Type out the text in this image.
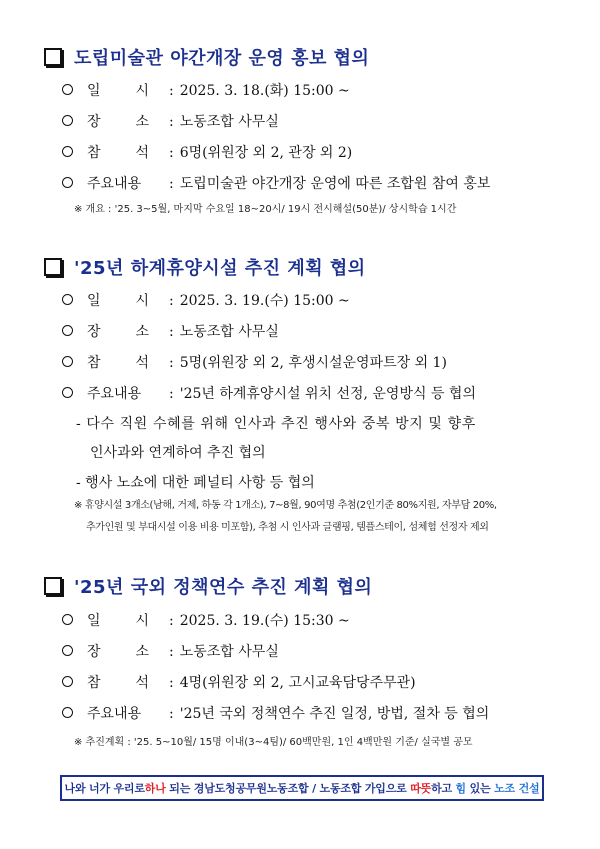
도립미술관 야간개장 운영 홍보 협의
일 시 : 2025. 3. 18.(화) 15:00 ~
장 소 : 노동조합 사무실
참 석 : 6명(위원장 외 2, 관장 외 2)
주요내용	: 도립미술관 야간개장 운영에 따른 조합원 참여 홍보
※ 개요 : '25. 3~5월, 마지막 수요일 18~20시/ 19시 전시해설(50분)/ 상시학습 1시간
'25년 하계휴양시설 추진 계획 협의
일 시 : 2025. 3. 19.(수) 15:00 ~
장 소 : 노동조합 사무실
참 석 : 5명(위원장 외 2, 후생시설운영파트장 외 1)
주요내용	: '25년 하계휴양시설 위치 선정, 운영방식 등 협의
- 다수 직원 수혜를 위해 인사과 추진 행사와 중복 방지 및 향후
인사과와 연계하여 추진 협의
- 행사 노쇼에 대한 페널티 사항 등 협의
※ 휴양시설 3개소(남해, 거제, 하동 각 1개소), 7~8월, 90여명 추첨(2인기준 80%지원, 자부담 20%,
추가인원 및 부대시설 이용 비용 미포함), 추첨 시 인사과 글램핑, 템플스테이, 섬체험 선정자 제외
'25년 국외 정책연수 추진 계획 협의
일 시 : 2025. 3. 19.(수) 15:30 ~
장 소 : 노동조합 사무실
참 석 : 4명(위원장 외 2, 고시교육담당주무관)
주요내용	: '25년 국외 정책연수 추진 일정, 방법, 절차 등 협의
※ 추진계획 : '25. 5~10월/ 15명 이내(3~4팀)/ 60백만원, 1인 4백만원 기준/ 실국별 공모
나와 너가 우리로 하나 되는 경남도청공무원노동조합 / 노동조합 가입으로 따뜻 하고 힘 있는 노조 건설
